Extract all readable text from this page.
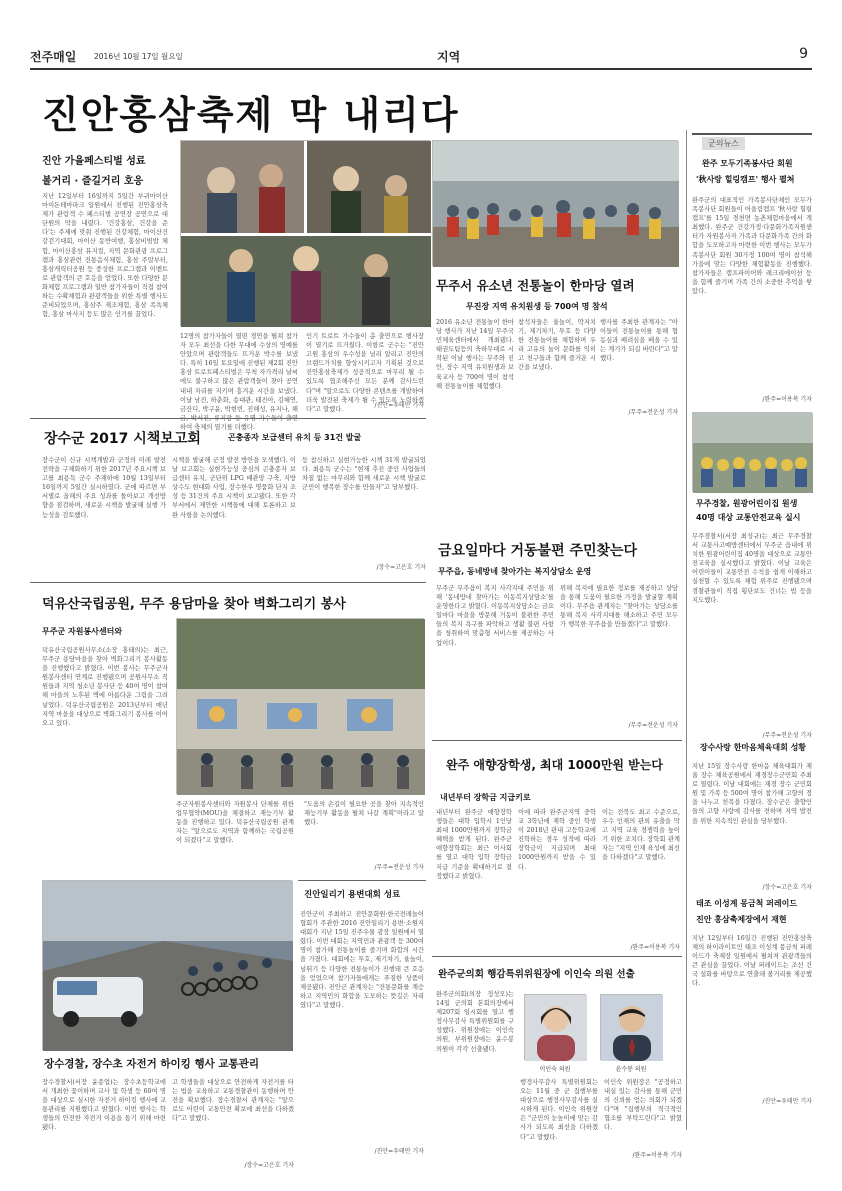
전주매일 2016년 10월 17일 월요일	지역	9
진안홍삼축제 막 내리다
진안 가을페스티벌 성료
볼거리 · 즐길거리 호응
지난 12일부터 16일까지 5일간 부귀마이산 마이돈테마파크 일원에서 진행된 진안홍삼축제가 관람객 수 페스티벌 공연장 공연으로 대단원의 막을 내렸다. '건강홍삼, 건강을 준다'는 주제에 맞춰 진행된 건강체험, 마이산건강걷기대회, 마이산 동반여행, 홍삼비빔밥 체험, 마이산홍삼 뮤지컬, 지역 문화관광 프로그램과 홍삼관련 전통음식체험, 홍삼 주말부터, 홍삼캐릭터공원 등 풍성한 프로그램과 이벤트로 관람객의 큰 호응을 얻었다. 또한 다양한 문화체험 프로그램과 일반 참가자들이 직접 참여하는 수확체험과 관광객들을 위한 특별 행사도 준비되었으며, 홍삼주 제조체험, 홍삼 족욕체험, 홍삼 마사지 등도 많은 인기를 끌었다.
12명의 참가자들이 열띤 경연을 펼쳐 참가자 모두 최선을 다한 무대에 수상의 영예를 안았으며 관람객들도 뜨거운 박수를 보냈다. 특히 16일 토요일에 진행된 제2회 진안홍삼 트로트페스티벌은 무척 자가격리 날씨에도 불구하고 많은 관람객들이 찾아 공연 내내 자리를 지키며 흥겨운 시간을 보냈다. 이날 남진, 하춘화, 송대관, 태진아, 김혜연, 금잔디, 박구윤, 박현빈, 진해성, 유지나, 해 하여 축제의 열기를 더했다.
인기 트로트 가수들이 총 출연으로 행사장이 열기로 뜨거웠다. 이항로 군수는 "진안고원 홍삼의 우수성을 널리 알리고 진안의 브랜드가치를 향상시키고자 기획된 것으로 진안홍삼축제가 성공적으로 마무리 될 수 있도록 협조해주신 모든 분께 감사드린다"며 "앞으로도 다양한 콘텐츠를 개발하여 더욱 발전된 축제가 될 수 있도록 노력하겠다"고 말했다.
/진안=우태만 기자
무주서 유소년 전통놀이 한마당 열려
무진장 지역 유치원생 등 700여 명 참석
2016 유소년 전통놀이 한마당 행사가 지난 14일 무주국민체육센터에서 개최됐다. 태권도팀등의 축하무대로 시작된 이날 행사는 무주와 진안, 장수 지역 유치원생과 보육교사 등 700여 명이 참석해 전통놀이를 체험했다.
참석자들은 윷놀이, 딱지치기, 제기차기, 투호 등 다양한 전통놀이를 체험하며 우리 고유의 놀이 문화를 익히고 친구들과 함께 즐거운 시간을 보냈다.
행사를 주최한 관계자는 "아이들이 전통놀이를 통해 협동심과 배려심을 배울 수 있는 계기가 되길 바란다"고 말했다.
/무주=전운성 기자
군의뉴스
완주 모두기족봉사단 회원
'秋사랑 힐링캠프' 행사 펼쳐
완주군의 대표적인 가족봉사단체인 모두가족봉사단 회원들이 어울림캠프 '秋사랑 힐링캠프'를 15일 경천면 농촌체험마을에서 개최했다. 완주군 건강가정·다문화가족지원센터가 자원봉사자 가족과 다문화가족 간의 화합을 도모하고자 마련한 이번 행사는 모두가족봉사단 회원 30가정 100여 명이 참석해 가을에 맞는 다양한 체험활동을 진행했다. 참가자들은 캠프파이어와 레크리에이션 등을 함께 즐기며 가족 간의 소중한 추억을 쌓았다.
/완주=이용복 기자
무주경찰, 원광어린이집 원생
40명 대상 교통안전교육 실시
무주경찰서(서장 최성규)는 최근 무주경찰서 교통사고예방센터에서 무주군 읍내에 위치한 원광어린이집 40명을 대상으로 교통안전교육을 실시했다고 밝혔다. 이날 교육은 어린이들이 교통안전 수칙을 쉽게 이해하고 실천할 수 있도록 체험 위주로 진행됐으며 경찰관들이 직접 횡단보도 건너는 법 등을 지도했다.
/무주=전운성 기자
장수사랑 한마음체육대회 성황
지난 15일 장수사랑 한마음 체육대회가 재울 장수 체육공원에서 재경장수군민회 주최로 열렸다. 이날 대회에는 재경 장수 군민회원 및 가족 등 500여 명이 참가해 고향의 정을 나누고 친목을 다졌다. 장수군은 출향인들의 고향 사랑에 감사를 전하며 지역 발전을 위한 지속적인 관심을 당부했다.
/장수=고은호 기자
태조 이성계 몽금척 퍼레이드
진안 홍삼축제장에서 재현
지난 12일부터 16일간 진행된 진안홍삼축제의 하이라이트인 태조 이성계 몽금척 퍼레이드가 축제장 일원에서 펼쳐져 관광객들의 큰 관심을 끌었다. 이날 퍼레이드는 조선 건국 설화를 바탕으로 연출돼 볼거리를 제공했다.
/진안=우태만 기자
장수군 2017 시책보고회	곤충종자 보급센터 유치 등 31건 발굴
장수군이 신규 시책개발과 군정의 미래 발전전략을 구체화하기 위한 2017년 주요시책 보고를 최용득 군수 주재하에 10월 13일부터 16일까지 5일간 실시하였다. 군에 따르면 부서별로 올해의 주요 성과를 돌아보고 개선방향을 점검하며, 새로운 시책을 발굴해 실행 가능성을 검토했다.
시책을 발굴해 군정 발전 방안을 모색했다. 이날 보고회는 실현가능성 중심의 곤충종자 보급센터 유치, 군단위 LPG 배관망 구축, 지방상수도 현대화 사업, 장수한우 명품화 단지 조성 등 31건의 주요 시책이 보고됐다. 또한 각 부서에서 제안한 시책들에 대해 토론하고 보완 사항을 논의했다.
등 참신하고 실현가능한 시책 31개 발굴되었다. 최용득 군수는 "현재 추진 중인 사업들의 차질 없는 마무리와 함께 새로운 시책 발굴로 군민이 행복한 장수를 만들자"고 당부했다.
/장수=고은호 기자
금요일마다 거동불편 주민찾는다
무주읍, 동네방네 찾아가는 복지상담소 운영
무주군 무주읍이 복지 사각지대 주민을 위해 '동네방네 찾아가는 이동복지상담소'를 운영한다고 밝혔다. 이동복지상담소는 금요일마다 마을을 방문해 거동이 불편한 주민들의 복지 욕구를 파악하고 생활 불편 사항을 청취하여 맞춤형 서비스를 제공하는 사업이다.
위해 복지에 필요한 정보를 제공하고 상담을 통해 도움이 필요한 가정을 발굴할 계획이다. 무주읍 관계자는 "찾아가는 상담소를 통해 복지 사각지대를 해소하고 주민 모두가 행복한 무주읍을 만들겠다"고 말했다.
/무주=전운성 기자
덕유산국립공원, 무주 용담마을 찾아 벽화그리기 봉사
무주군 자원봉사센터와
덕유산국립공원사무소(소장 홍태의)는 최근, 무주군 용담마을을 찾아 벽화그리기 봉사활동을 진행했다고 밝혔다. 이번 봉사는 무주군자원봉사센터 연계로 진행됐으며 공원사무소 직원들과 지역 청소년 봉사단 등 40여 명이 참여해 마을의 노후된 벽에 아름다운 그림을 그려 넣었다. 덕유산국립공원은 2013년부터 매년 지역 마을을 대상으로 벽화그리기 봉사를 이어오고 있다.
주군자원봉사센터와 자원봉사 단체를 위한 업무협약(MOU)을 체결하고 재능기부 활동을 진행하고 있다. 덕유산국립공원 관계자는 "앞으로도 지역과 함께하는 국립공원이 되겠다"고 말했다.
"도움의 손길이 필요한 곳을 찾아 지속적인 재능기부 활동을 펼쳐 나갈 계획"이라고 말했다.
/무주=전운성 기자
완주 애향장학생, 최대 1000만원 받는다
내년부터 장학금 지급키로
내년부터 완주군 애향장학생들은 대학 입학시 1인당 최대 1000만원까지 장학금 혜택을 받게 된다. 완주군 애향장학회는 최근 이사회를 열고 대학 입학 장학금 지급 기준을 확대하기로 결정했다고 밝혔다.
이에 따라 완주군지역 중학교 3학년에 재학 중인 학생이 2018년 관내 고등학교에 진학하는 경우 성적에 따라 장학금이 지급되며 최대 1000만원까지 받을 수 있다.
이는 전북도 최고 수준으로, 우수 인재의 관외 유출을 막고 지역 교육 경쟁력을 높이기 위한 조치다. 장학회 관계자는 "지역 인재 육성에 최선을 다하겠다"고 말했다.
/완주=이용복 기자
진안일리기 용변대회 성료
진안군이 주최하고 진안문화원·한국전래놀이협회가 주관한 2016 진안일리기 용변·소원지 대회가 지난 15일 진주우물 광장 일원에서 열렸다. 이번 대회는 지역민과 관광객 등 300여 명이 참가해 전통놀이를 즐기며 화합의 시간을 가졌다. 대회에는 투호, 제기차기, 윷놀이, 널뛰기 등 다양한 전통놀이가 진행돼 큰 호응을 얻었으며 참가자들에게는 푸짐한 상품이 제공됐다. 진안군 관계자는 "전통문화를 계승하고 지역민의 화합을 도모하는 뜻깊은 자리였다"고 말했다.
/진안=우태만 기자
장수경찰, 장수초 자전거 하이킹 행사 교통관리
장수경찰서(서장 윤종업)는 장수초등학교에서 개최한 꽃이하며 교사 및 학생 등 60여 명을 대상으로 실시한 자전거 하이킹 행사에 교통관리를 지원했다고 밝혔다. 이번 행사는 학생들의 안전한 자전거 이용을 돕기 위해 마련됐다.
고 학생들을 대상으로 안전하게 자전거를 타는 법을 교육하고 교통경찰관이 동행하며 안전을 확보했다. 장수경찰서 관계자는 "앞으로도 어린이 교통안전 확보에 최선을 다하겠다"고 말했다.
/장수=고은호 기자
완주군의회 행감특위위원장에 이인숙 의원 선출
완주군의회(의장 정성모)는 14일 군의회 본회의장에서 제207회 임시회를 열고 행정사무감사 특별위원회를 구성했다. 위원장에는 이인숙 의원, 부위원장에는 윤수봉 의원이 각각 선출됐다.
이인숙 의원	윤수봉 의원
행정사무감사 특별위원회는 오는 11월 중 군 집행부를 대상으로 행정사무감사를 실시하게 된다. 이인숙 위원장은 "군민의 눈높이에 맞는 감사가 되도록 최선을 다하겠다"고 말했다.
이인숙 위원장은 "공정하고 내실 있는 감사를 통해 군민의 신뢰를 얻는 의회가 되겠다"며 "집행부의 적극적인 협조를 부탁드린다"고 밝혔다.
/완주=이용복 기자
